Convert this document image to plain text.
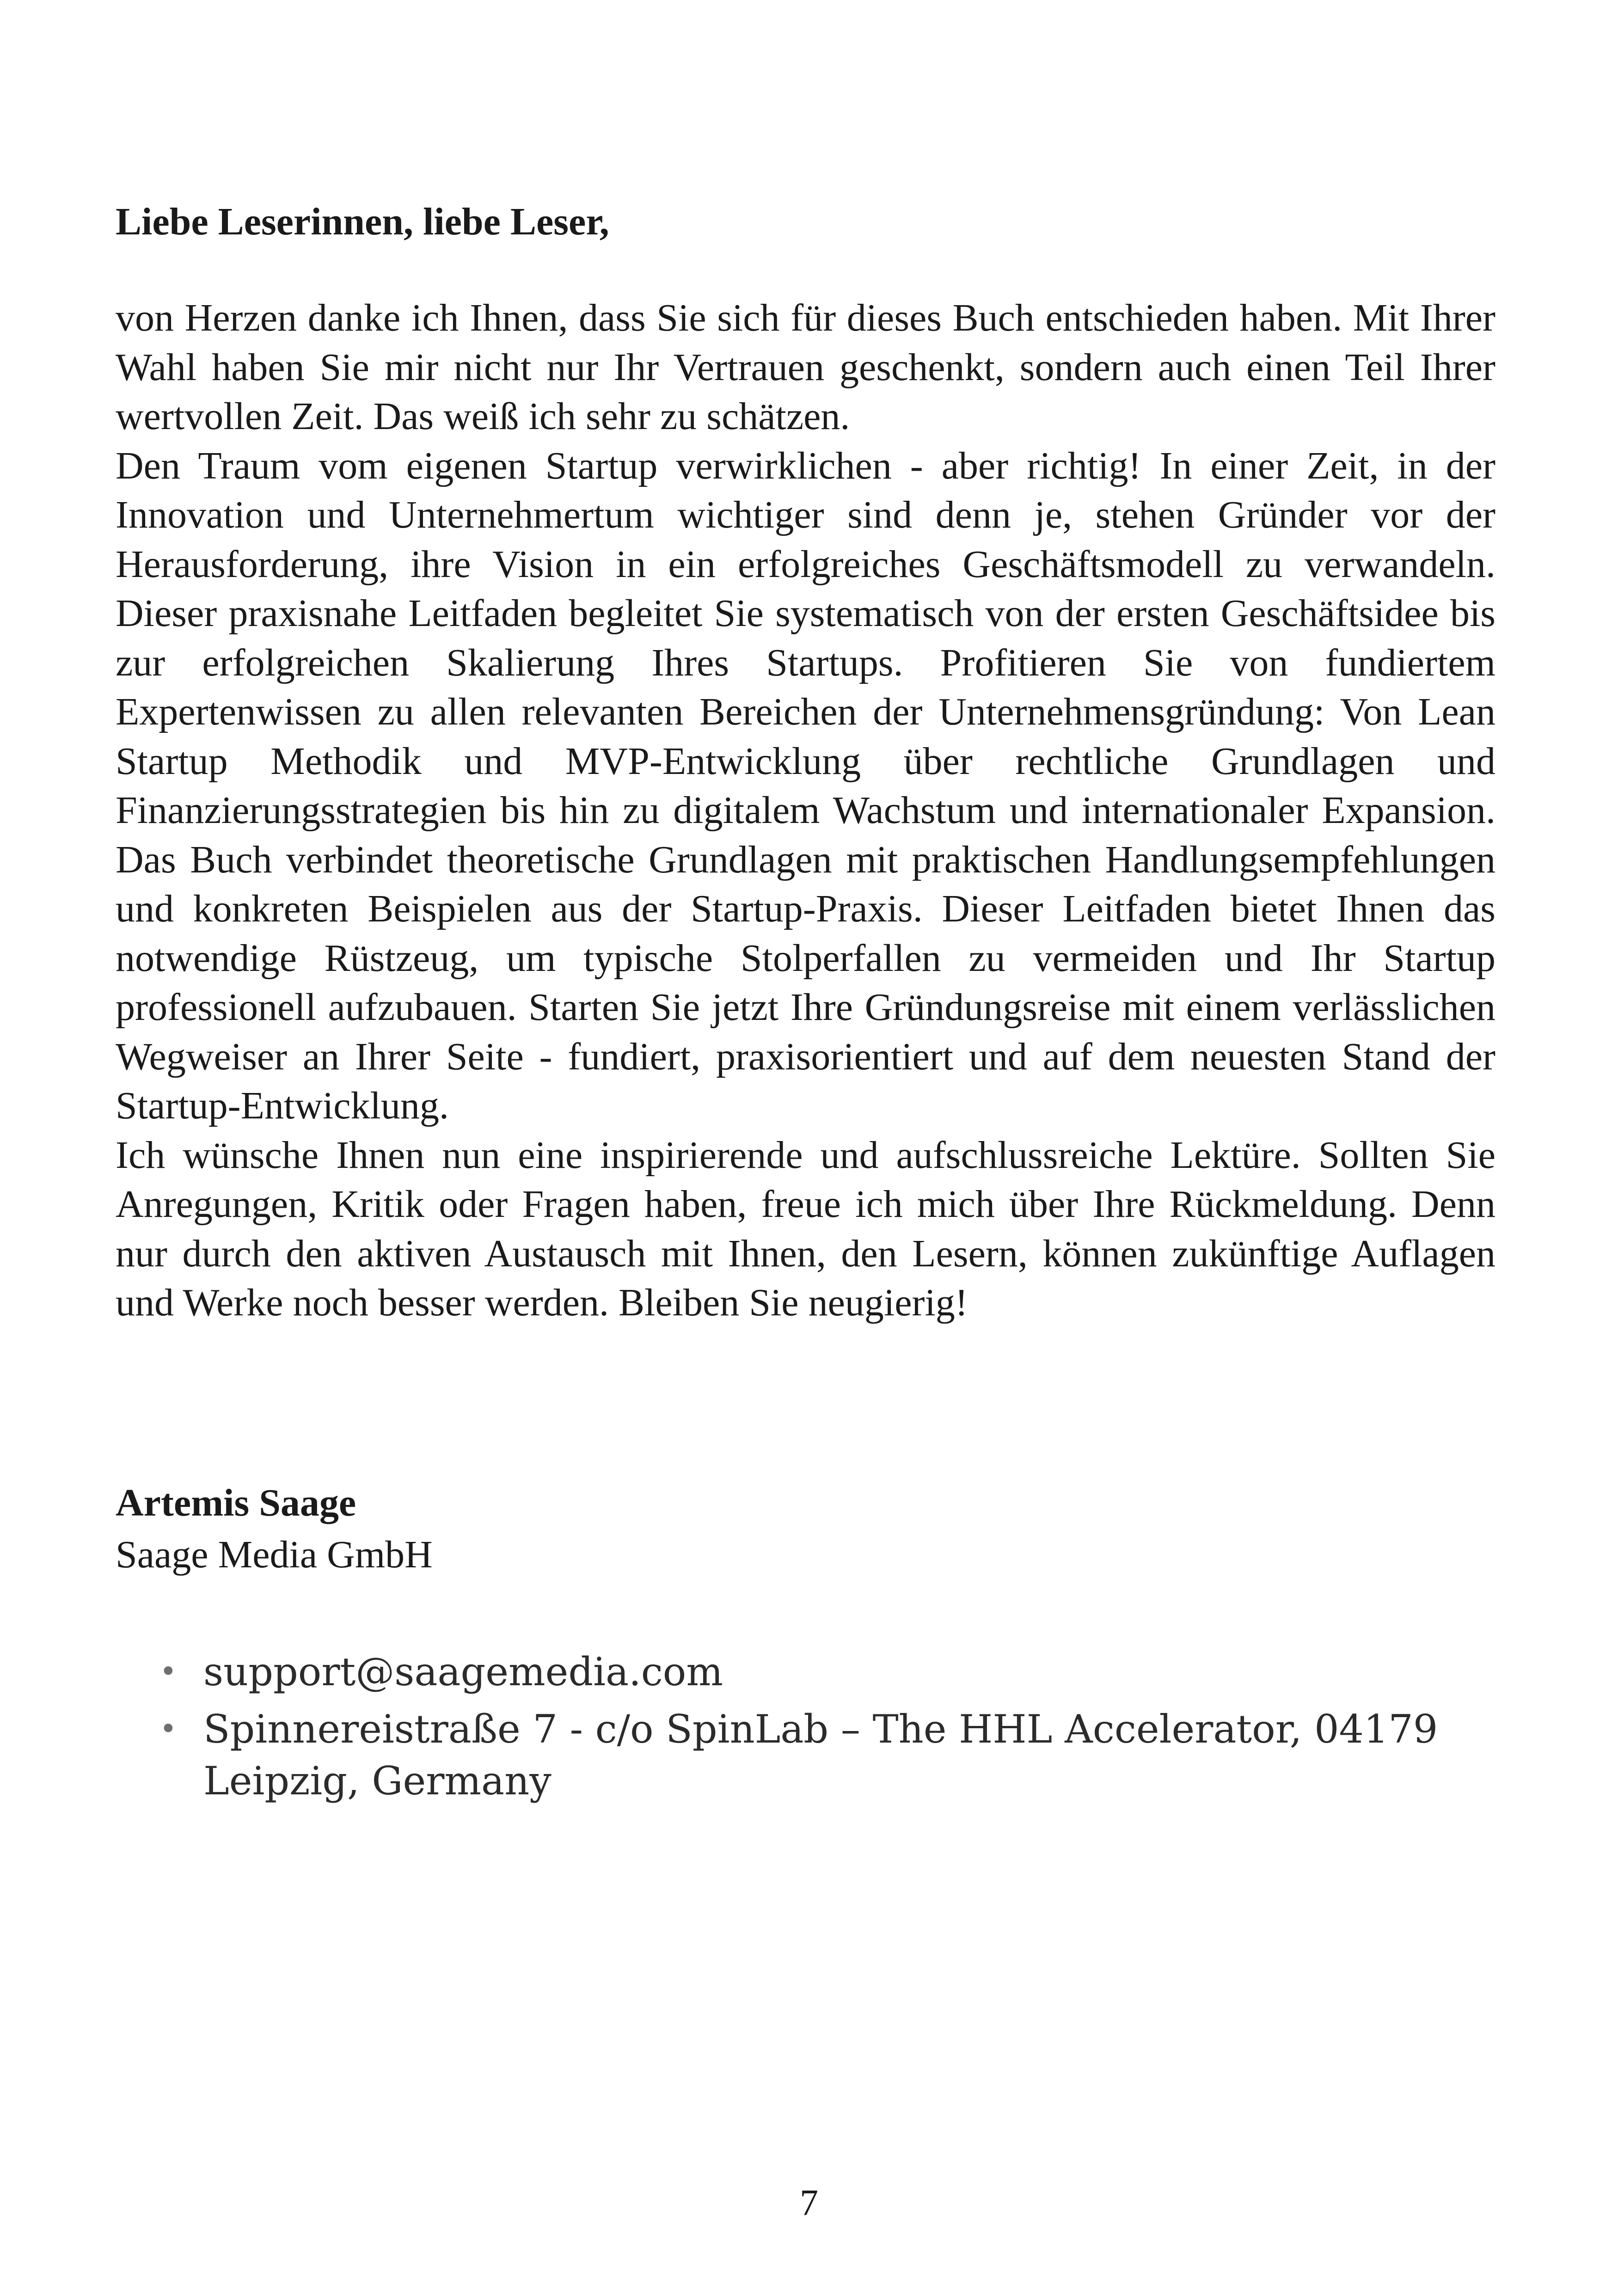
Liebe Leserinnen, liebe Leser,

von Herzen danke ich Ihnen, dass Sie sich für dieses Buch entschieden haben. Mit Ihrer Wahl haben Sie mir nicht nur Ihr Vertrauen geschenkt, sondern auch einen Teil Ihrer wertvollen Zeit. Das weiß ich sehr zu schätzen.

Den Traum vom eigenen Startup verwirklichen - aber richtig! In einer Zeit, in der Innovation und Unternehmertum wichtiger sind denn je, stehen Gründer vor der Herausforderung, ihre Vision in ein erfolgreiches Geschäftsmodell zu verwandeln. Dieser praxisnahe Leitfaden begleitet Sie systematisch von der ersten Geschäftsidee bis zur erfolgreichen Skalierung Ihres Startups. Profitieren Sie von fundiertem Expertenwissen zu allen relevanten Bereichen der Unternehmensgründung: Von Lean Startup Methodik und MVP-Entwicklung über rechtliche Grundlagen und Finanzierungsstrategien bis hin zu digitalem Wachstum und internationaler Expansion. Das Buch verbindet theoretische Grundlagen mit praktischen Handlungsempfehlungen und konkreten Beispielen aus der Startup-Praxis. Dieser Leitfaden bietet Ihnen das notwendige Rüstzeug, um typische Stolperfallen zu vermeiden und Ihr Startup professionell aufzubauen. Starten Sie jetzt Ihre Gründungsreise mit einem verlässlichen Wegweiser an Ihrer Seite - fundiert, praxisorientiert und auf dem neuesten Stand der Startup-Entwicklung.

Ich wünsche Ihnen nun eine inspirierende und aufschlussreiche Lektüre. Sollten Sie Anregungen, Kritik oder Fragen haben, freue ich mich über Ihre Rückmeldung. Denn nur durch den aktiven Austausch mit Ihnen, den Lesern, können zukünftige Auflagen und Werke noch besser werden. Bleiben Sie neugierig!

Artemis Saage
Saage Media GmbH
• support@saagemedia.com
• Spinnereistraße 7 - c/o SpinLab – The HHL Accelerator, 04179 Leipzig, Germany
7
